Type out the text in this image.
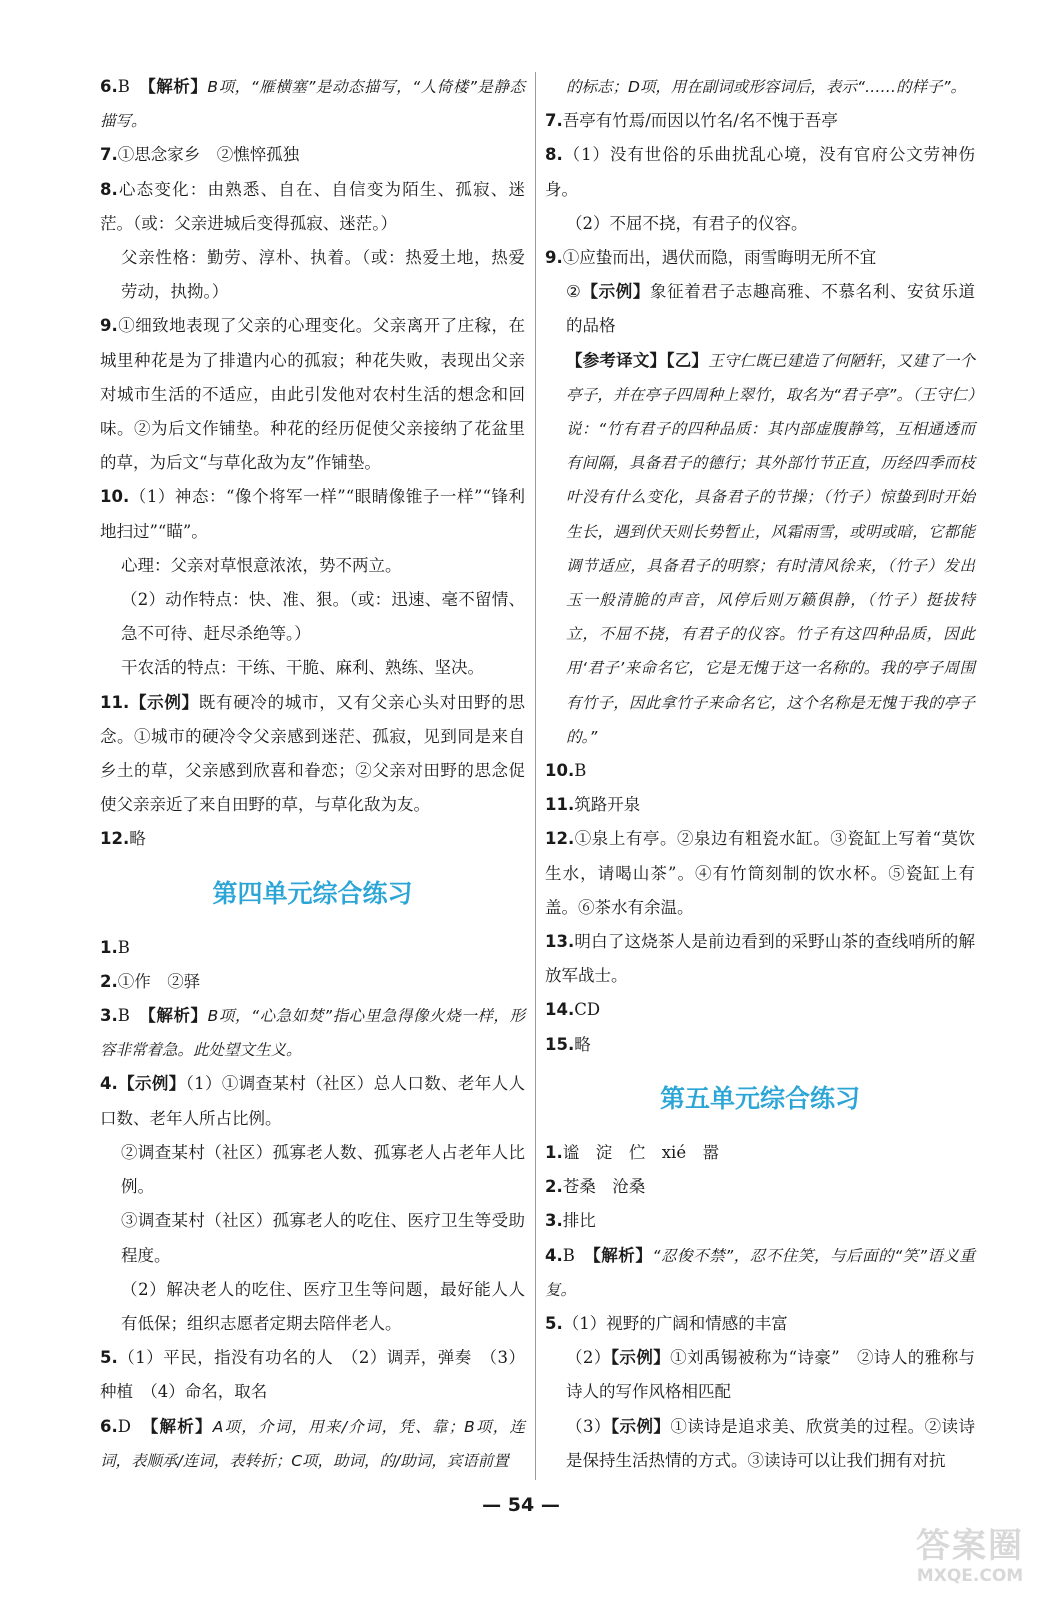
6.B　【解析】B项，“雁横塞”是动态描写，“人倚楼”是静态描写。

7.①思念家乡　②憔悴孤独

8.心态变化：由熟悉、自在、自信变为陌生、孤寂、迷茫。（或：父亲进城后变得孤寂、迷茫。）

父亲性格：勤劳、淳朴、执着。（或：热爱土地，热爱劳动，执拗。）

9.①细致地表现了父亲的心理变化。父亲离开了庄稼，在城里种花是为了排遣内心的孤寂；种花失败，表现出父亲对城市生活的不适应，由此引发他对农村生活的想念和回味。②为后文作铺垫。种花的经历促使父亲接纳了花盆里的草，为后文“与草化敌为友”作铺垫。

10.（1）神态：“像个将军一样”“眼睛像锥子一样”“锋利地扫过”“瞄”。

心理：父亲对草恨意浓浓，势不两立。

（2）动作特点：快、准、狠。（或：迅速、毫不留情、急不可待、赶尽杀绝等。）

干农活的特点：干练、干脆、麻利、熟练、坚决。

11.【示例】既有硬冷的城市，又有父亲心头对田野的思念。①城市的硬冷令父亲感到迷茫、孤寂，见到同是来自乡土的草，父亲感到欣喜和眷恋；②父亲对田野的思念促使父亲亲近了来自田野的草，与草化敌为友。

12.略

第四单元综合练习

1.B

2.①作　②驿

3.B　【解析】B项，“心急如焚”指心里急得像火烧一样，形容非常着急。此处望文生义。

4.【示例】（1）①调查某村（社区）总人口数、老年人人口数、老年人所占比例。

②调查某村（社区）孤寡老人数、孤寡老人占老年人比例。

③调查某村（社区）孤寡老人的吃住、医疗卫生等受助程度。

（2）解决老人的吃住、医疗卫生等问题，最好能人人有低保；组织志愿者定期去陪伴老人。

5.（1）平民，指没有功名的人　（2）调弄，弹奏　（3）种植　（4）命名，取名

6.D　【解析】A项，介词，用来/介词，凭、靠；B项，连词，表顺承/连词，表转折；C项，助词，的/助词，宾语前置

的标志；D项，用在副词或形容词后，表示“……的样子”。

7.吾亭有竹焉/而因以竹名/名不愧于吾亭

8.（1）没有世俗的乐曲扰乱心境，没有官府公文劳神伤身。

（2）不屈不挠，有君子的仪容。

9.①应蛰而出，遇伏而隐，雨雪晦明无所不宜

②【示例】象征着君子志趣高雅、不慕名利、安贫乐道的品格

【参考译文】【乙】王守仁既已建造了何陋轩，又建了一个亭子，并在亭子四周种上翠竹，取名为“君子亭”。（王守仁）说：“竹有君子的四种品质：其内部虚腹静笃，互相通透而有间隔，具备君子的德行；其外部竹节正直，历经四季而枝叶没有什么变化，具备君子的节操；（竹子）惊蛰到时开始生长，遇到伏天则长势暂止，风霜雨雪，或明或暗，它都能调节适应，具备君子的明察；有时清风徐来，（竹子）发出玉一般清脆的声音，风停后则万籁俱静，（竹子）挺拔特立，不屈不挠，有君子的仪容。竹子有这四种品质，因此用‘君子’来命名它，它是无愧于这一名称的。我的亭子周围有竹子，因此拿竹子来命名它，这个名称是无愧于我的亭子的。”

10.B

11.筑路开泉

12.①泉上有亭。②泉边有粗瓷水缸。③瓷缸上写着“莫饮生水，请喝山茶”。④有竹筒刻制的饮水杯。⑤瓷缸上有盖。⑥茶水有余温。

13.明白了这烧茶人是前边看到的采野山茶的查线哨所的解放军战士。

14.CD

15.略

第五单元综合练习

1.谧　淀　伫　xié　嚣

2.苍桑　沧桑

3.排比

4.B　【解析】“忍俊不禁”，忍不住笑，与后面的“笑”语义重复。

5.（1）视野的广阔和情感的丰富

（2）【示例】①刘禹锡被称为“诗豪”　②诗人的雅称与诗人的写作风格相匹配

（3）【示例】①读诗是追求美、欣赏美的过程。②读诗是保持生活热情的方式。③读诗可以让我们拥有对抗

— 54 —
答案圈
MXQE.COM
